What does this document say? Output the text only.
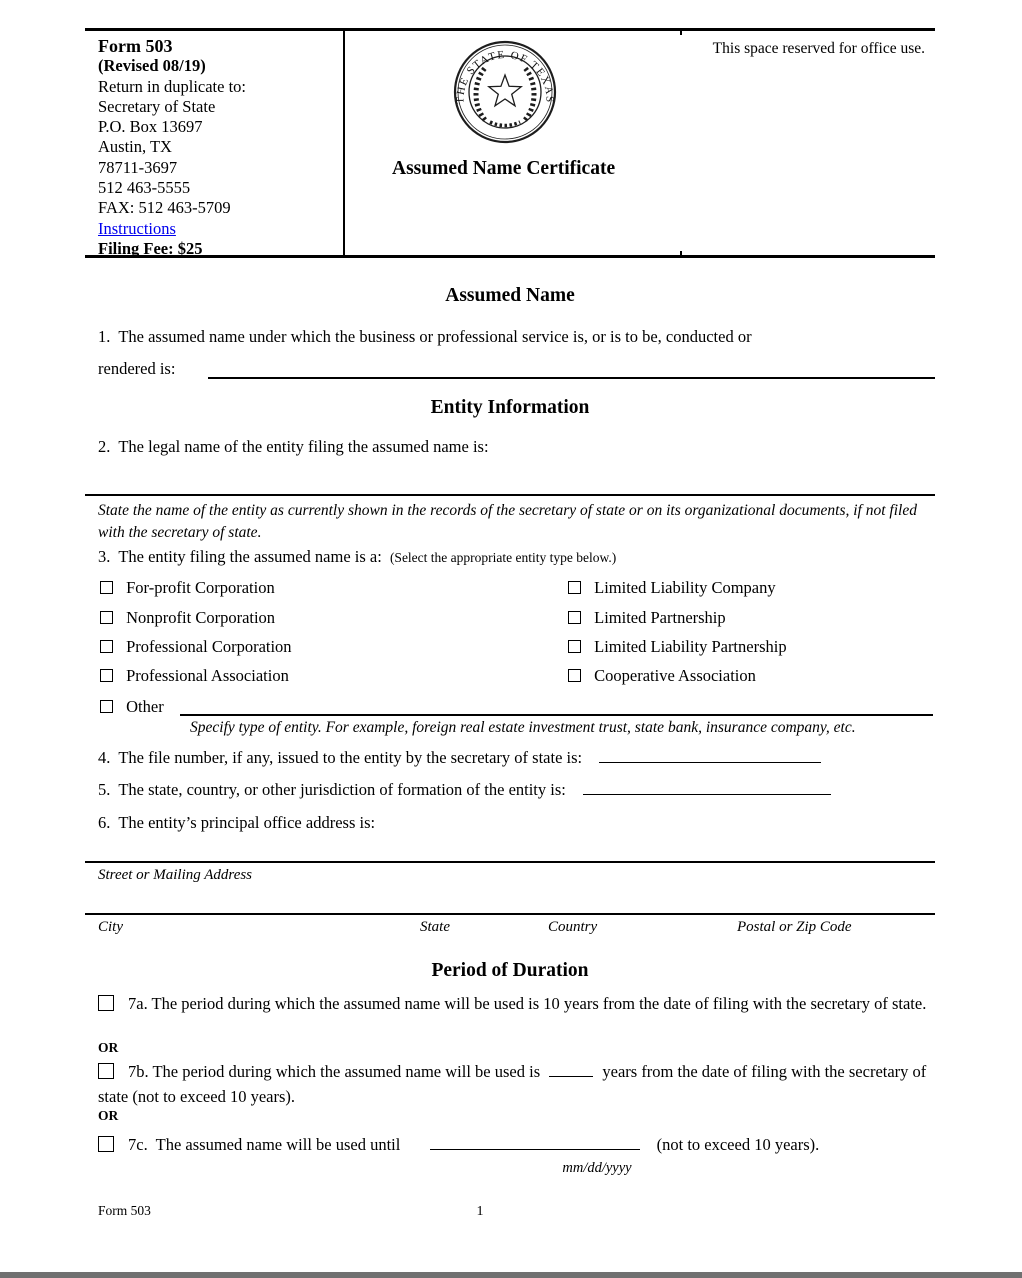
Form 503
(Revised 08/19)
Return in duplicate to:
Secretary of State
P.O. Box 13697
Austin, TX
78711-3697
512 463-5555
FAX: 512 463-5709
Instructions
Filing Fee: $25
This space reserved for office use.
THE STATE OF TEXAS
Assumed Name Certificate
Assumed Name
1.  The assumed name under which the business or professional service is, or is to be, conducted or
rendered is:
Entity Information
2.  The legal name of the entity filing the assumed name is:
State the name of the entity as currently shown in the records of the secretary of state or on its organizational documents, if not filed with the secretary of state.
3.  The entity filing the assumed name is a: (Select the appropriate entity type below.)
For-profit Corporation
Nonprofit Corporation
Professional Corporation
Professional Association
Limited Liability Company
Limited Partnership
Limited Liability Partnership
Cooperative Association
Other
Specify type of entity. For example, foreign real estate investment trust, state bank, insurance company, etc.
4.  The file number, if any, issued to the entity by the secretary of state is:
5.  The state, country, or other jurisdiction of formation of the entity is:
6.  The entity’s principal office address is:
Street or Mailing Address
City	State	Country	Postal or Zip Code
Period of Duration
7a. The period during which the assumed name will be used is 10 years from the date of filing with the secretary of state.
OR
7b. The period during which the assumed name will be used is	years from the date of filing with the secretary of state (not to exceed 10 years).
OR
7c.  The assumed name will be used until	(not to exceed 10 years).
mm/dd/yyyy
Form 503	1
